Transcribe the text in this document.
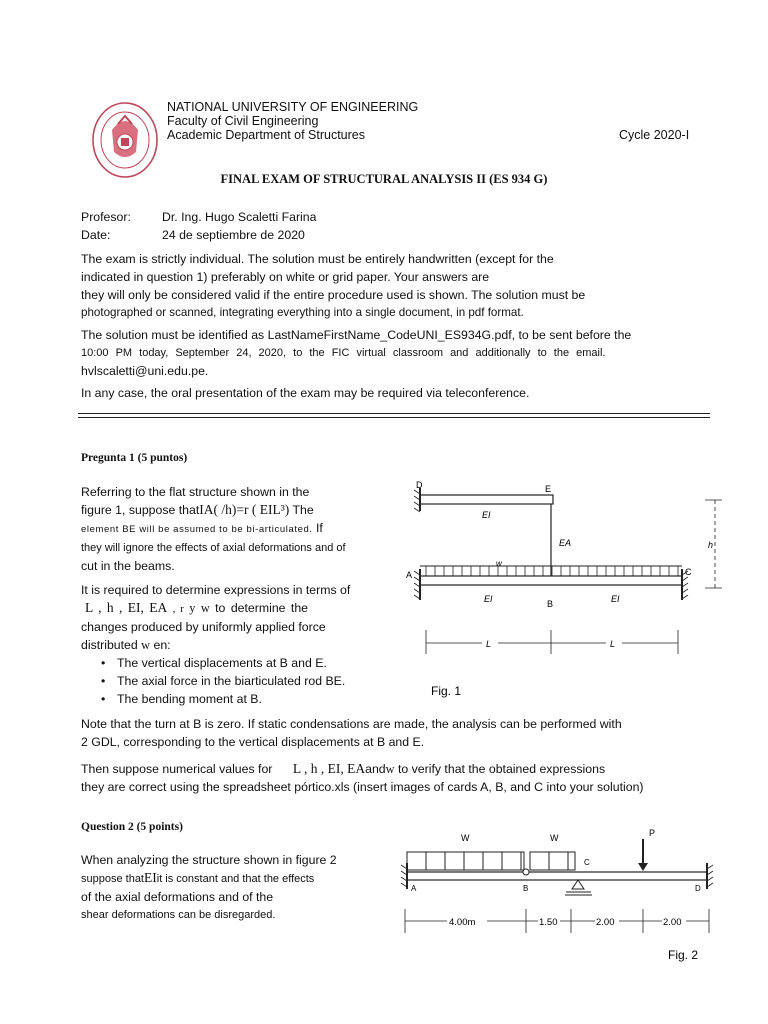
NATIONAL UNIVERSITY OF ENGINEERING
Faculty of Civil Engineering
Academic Department of Structures	Cycle 2020-I
FINAL EXAM OF STRUCTURAL ANALYSIS II (ES 934 G)
Profesor:	Dr. Ing. Hugo Scaletti Farina
Date:	24 de septiembre de 2020
The exam is strictly individual. The solution must be entirely handwritten (except for the
indicated in question 1) preferably on white or grid paper. Your answers are
they will only be considered valid if the entire procedure used is shown. The solution must be
photographed or scanned, integrating everything into a single document, in pdf format.
The solution must be identified as LastNameFirstName_CodeUNI_ES934G.pdf, to be sent before the
10:00 PM today, September 24, 2020, to the FIC virtual classroom and additionally to the email.
hvlscaletti@uni.edu.pe.
In any case, the oral presentation of the exam may be required via teleconference.
Pregunta 1 (5 puntos)
Referring to the flat structure shown in the
figure 1, suppose thatIA( /h)=r ( EIL³) The
element BE will be assumed to be bi-articulated. If
they will ignore the effects of axial deformations and of
cut in the beams.
It is required to determine expressions in terms of
L , h , EI, EA , r y w to determine the
changes produced by uniformly applied force
distributed w en:
• The vertical displacements at B and E.
• The axial force in the biarticulated rod BE.
• The bending moment at B.
Note that the turn at B is zero. If static condensations are made, the analysis can be performed with
2 GDL, corresponding to the vertical displacements at B and E.
Then suppose numerical values for L , h , EI, EAandw to verify that the obtained expressions
they are correct using the spreadsheet pórtico.xls (insert images of cards A, B, and C into your solution)
D	E
EI
EA
w
h
A	C
EI	B	EI
L	L
Fig. 1
Question 2 (5 points)
When analyzing the structure shown in figure 2
suppose thatEIit is constant and that the effects
of the axial deformations and of the
shear deformations can be disregarded.
W	W	P
A	B
C
D
4.00m	1.50	2.00	2.00
Fig. 2
